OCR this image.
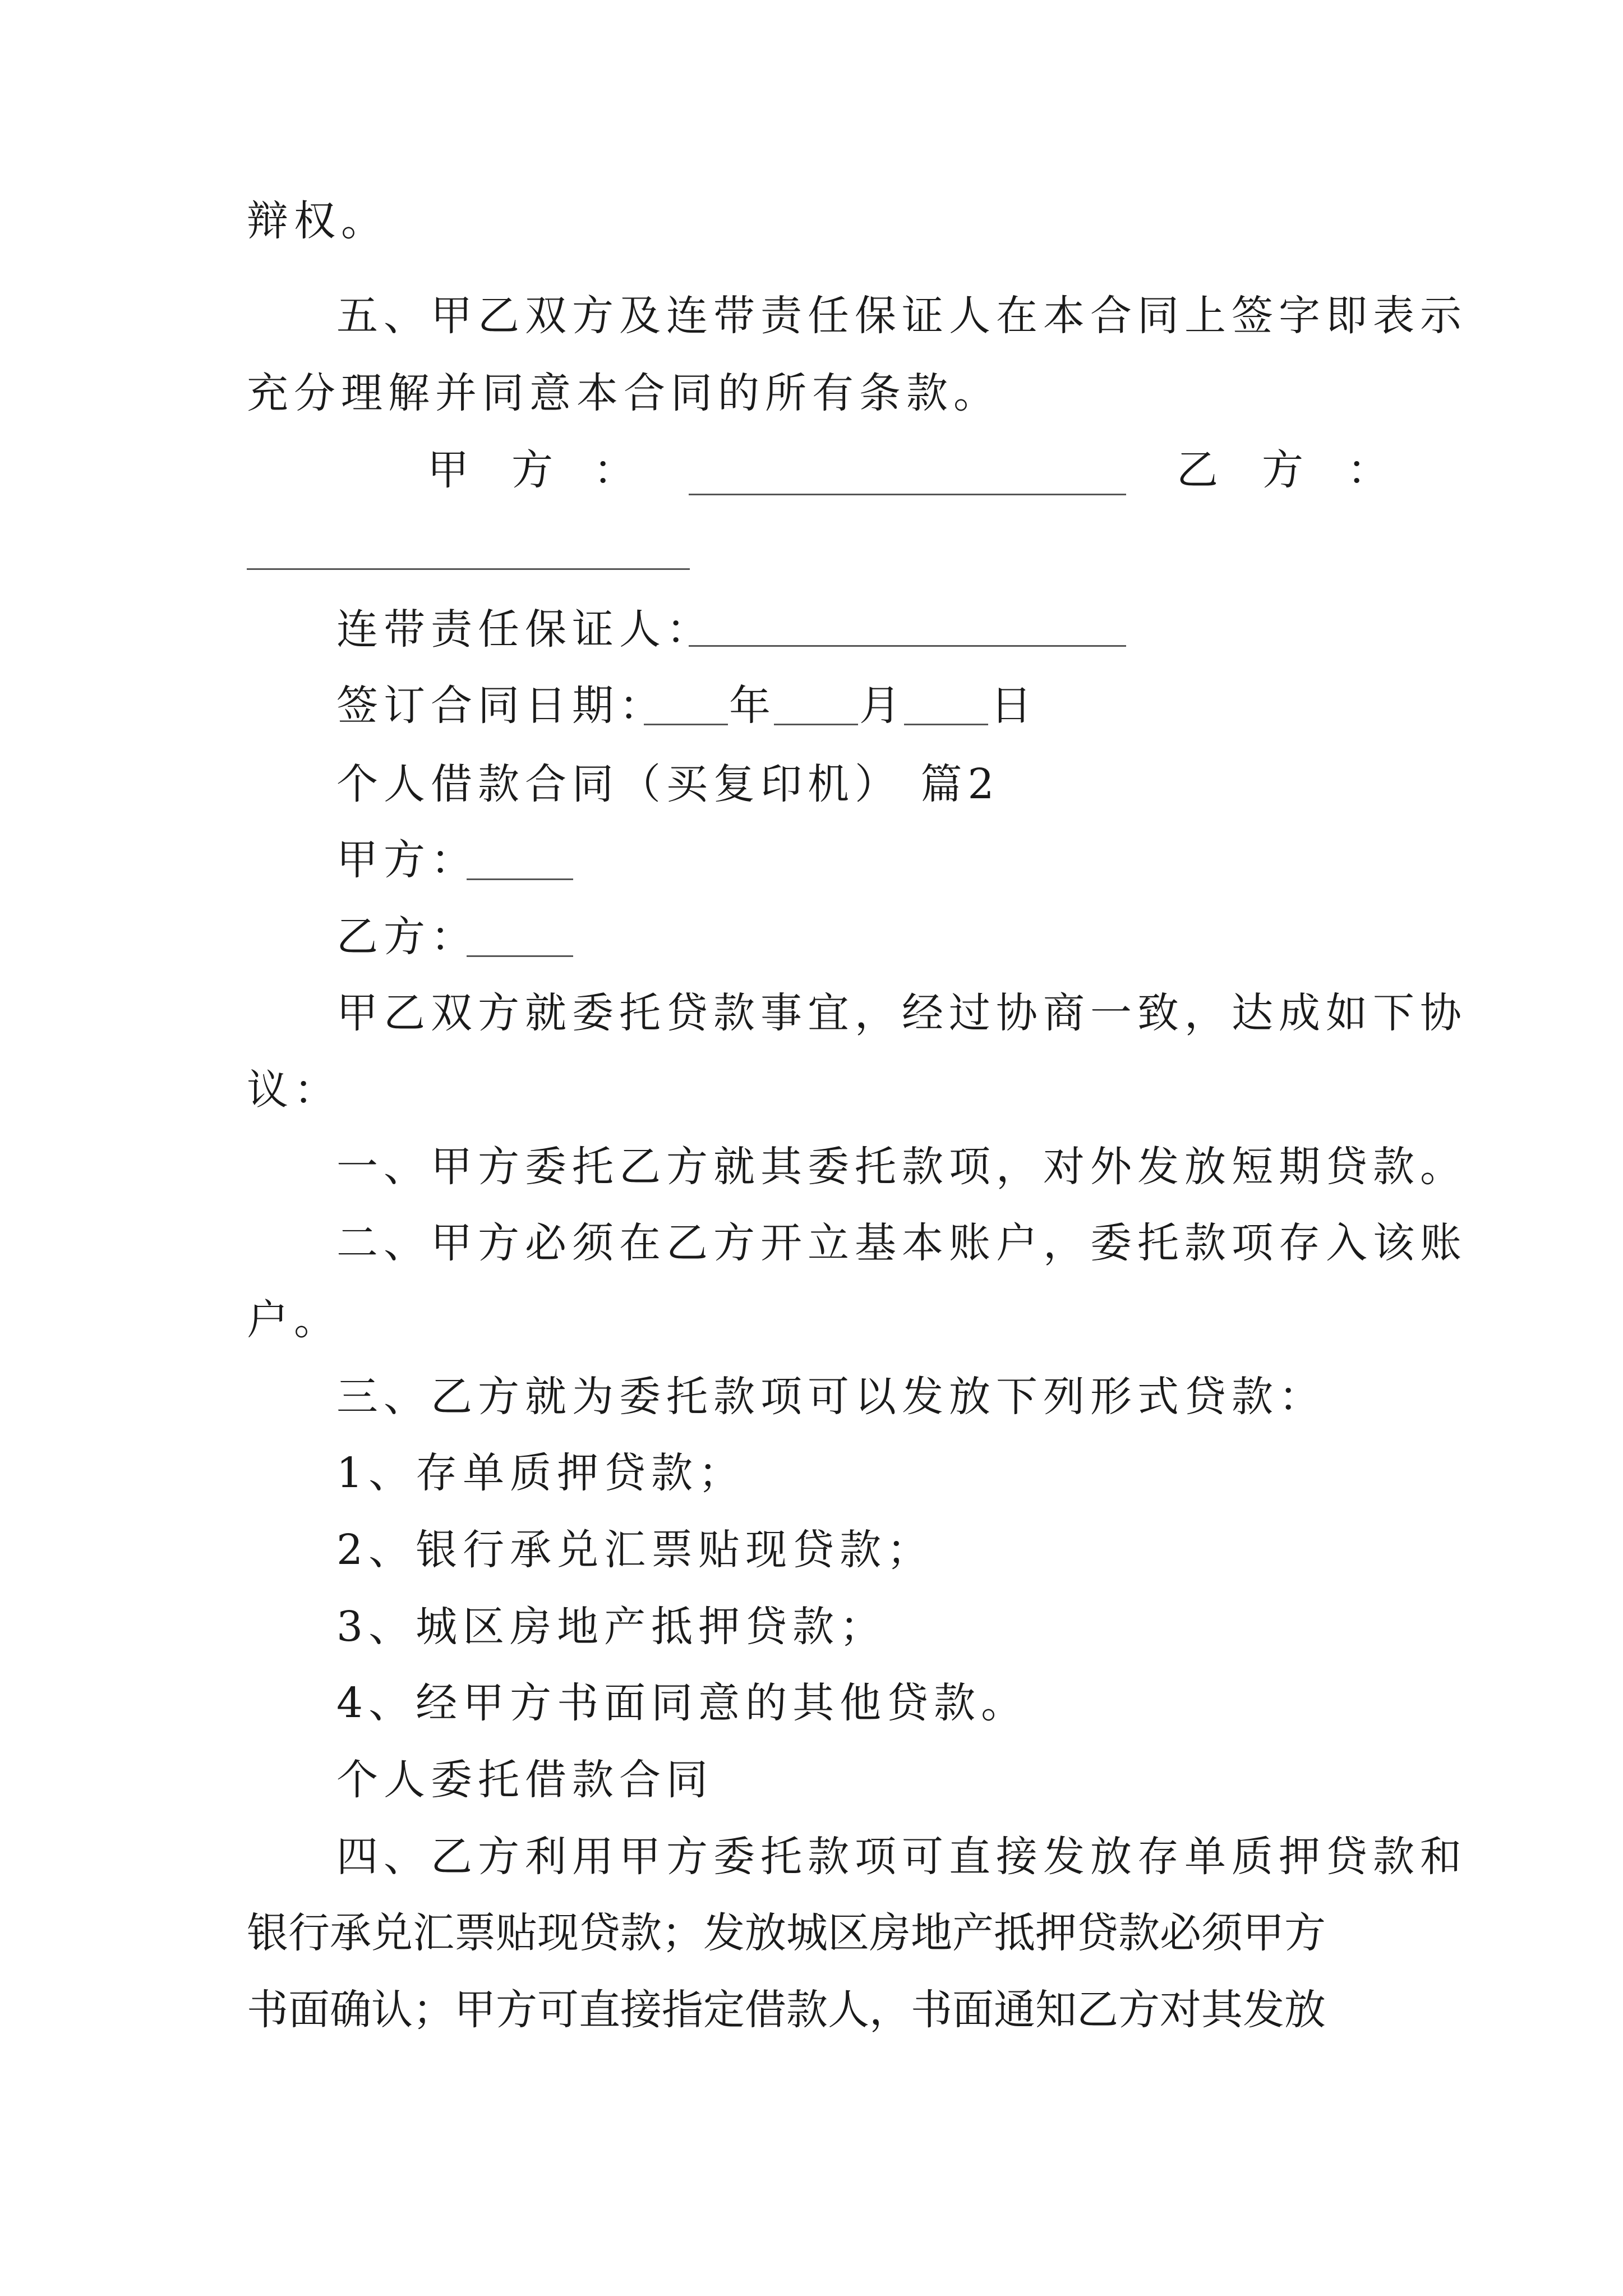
辩权。
五、甲乙双方及连带责任保证人在本合同上签字即表示
充分理解并同意本合同的所有条款。
甲 方 ：	乙 方 ：
连带责任保证人：
签订合同日期： 年 月 日
个人借款合同（买复印机） 篇2
甲方：
乙方：
甲乙双方就委托贷款事宜，经过协商一致，达成如下协
议：
一、甲方委托乙方就其委托款项，对外发放短期贷款。
二、甲方必须在乙方开立基本账户，委托款项存入该账
户。
三、乙方就为委托款项可以发放下列形式贷款：
1、存单质押贷款；
2、银行承兑汇票贴现贷款；
3、城区房地产抵押贷款；
4、经甲方书面同意的其他贷款。
个人委托借款合同
四、乙方利用甲方委托款项可直接发放存单质押贷款和
银行承兑汇票贴现贷款；发放城区房地产抵押贷款必须甲方
书面确认；甲方可直接指定借款人，书面通知乙方对其发放
